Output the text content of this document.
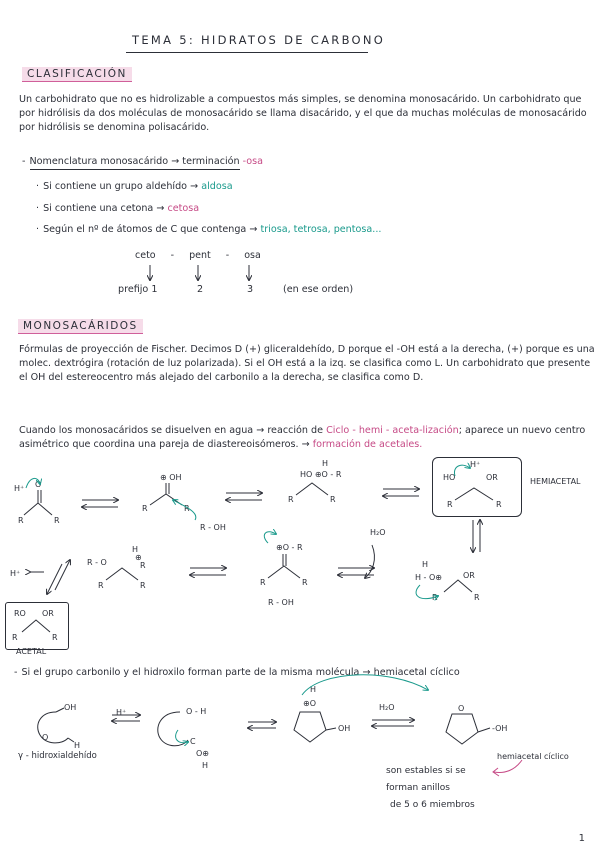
TEMA 5: HIDRATOS DE CARBONO
CLASIFICACIÓN
Un carbohidrato que no es hidrolizable a compuestos más simples, se denomina monosacárido. Un carbohidrato que por hidrólisis da dos moléculas de monosacárido se llama disacárido, y el que da muchas moléculas de monosacárido por hidrólisis se denomina polisacárido.
- Nomenclatura monosacárido → terminación -osa
· Si contiene un grupo aldehído → aldosa
· Si contiene una cetona → cetosa
· Según el nº de átomos de C que contenga → triosa, tetrosa, pentosa...
ceto - pent - osa
prefijo 1	2	3	(en ese orden)
MONOSACÁRIDOS
Fórmulas de proyección de Fischer. Decimos D (+) gliceraldehído, D porque el -OH está a la derecha, (+) porque es una molec. dextrógira (rotación de luz polarizada). Si el OH está a la izq. se clasifica como L. Un carbohidrato que presente el OH del estereocentro más alejado del carbonilo a la derecha, se clasifica como D.
Cuando los monosacáridos se disuelven en agua → reacción de Ciclo - hemi - aceta-lización; aparece un nuevo centro asimétrico que coordina una pareja de diastereoisómeros. → formación de acetales.
HEMIACETAL
ACETAL
H₂O
H⁺
H⁺
R - OH
R - OH
- Si el grupo carbonilo y el hidroxilo forman parte de la misma molécula → hemiacetal cíclico
γ - hidroxialdehído	hemiacetal cíclico
H⁺
H₂O
son estables si se
forman anillos
de 5 o 6 miembros
1
O
R	R
⊕ OH
R	R
HO ⊕O - R
H
R	R
HO	OR
H⁺
R	R
H
H - O⊕	OR
R	R
⊕O - R
R	R
R - O
⊕
R
R	R
H
RO OR
R	R
OH
H
O
O - H
C
O⊕
H
⊕O
H
OH
O
-OH
